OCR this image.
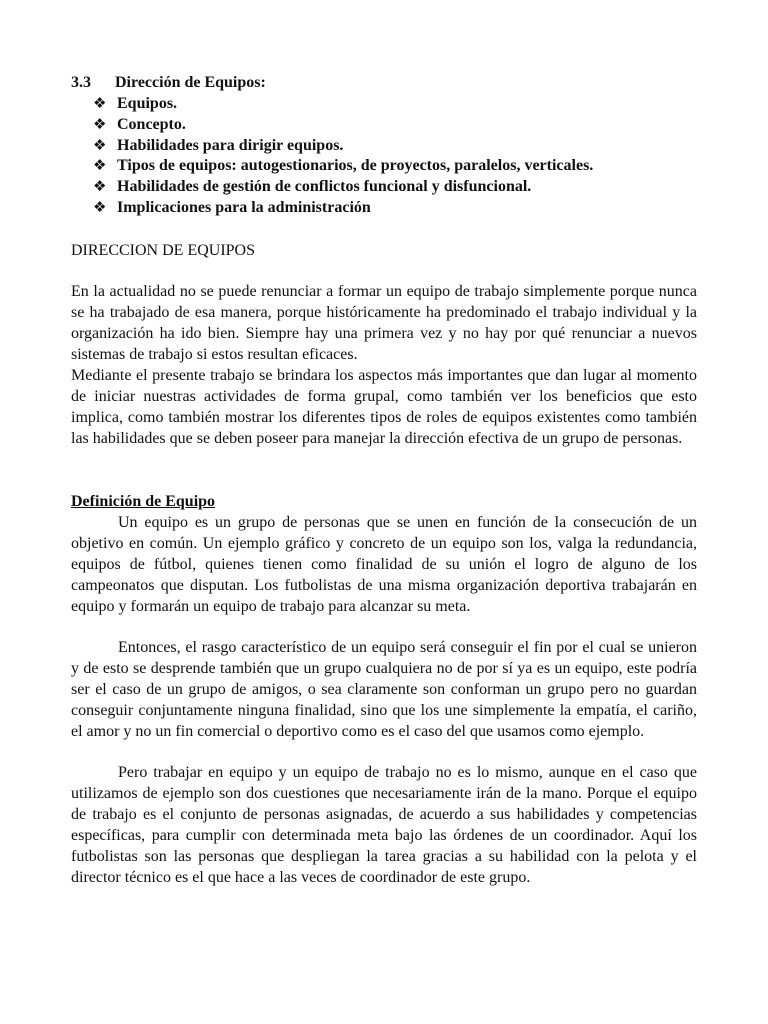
3.3	Dirección de Equipos:
❖ Equipos.
❖ Concepto.
❖ Habilidades para dirigir equipos.
❖ Tipos de equipos: autogestionarios, de proyectos, paralelos, verticales.
❖ Habilidades de gestión de conflictos funcional y disfuncional.
❖ Implicaciones para la administración
DIRECCION DE EQUIPOS

En la actualidad no se puede renunciar a formar un equipo de trabajo simplemente porque nunca se ha trabajado de esa manera, porque históricamente ha predominado el trabajo individual y la organización ha ido bien. Siempre hay una primera vez y no hay por qué renunciar a nuevos sistemas de trabajo si estos resultan eficaces.

Mediante el presente trabajo se brindara los aspectos más importantes que dan lugar al momento de iniciar nuestras actividades de forma grupal, como también ver los beneficios que esto implica, como también mostrar los diferentes tipos de roles de equipos existentes como también las habilidades que se deben poseer para manejar la dirección efectiva de un grupo de personas.

Definición de Equipo

Un equipo es un grupo de personas que se unen en función de la consecución de un objetivo en común. Un ejemplo gráfico y concreto de un equipo son los, valga la redundancia, equipos de fútbol, quienes tienen como finalidad de su unión el logro de alguno de los campeonatos que disputan. Los futbolistas de una misma organización deportiva trabajarán en equipo y formarán un equipo de trabajo para alcanzar su meta.

Entonces, el rasgo característico de un equipo será conseguir el fin por el cual se unieron y de esto se desprende también que un grupo cualquiera no de por sí ya es un equipo, este podría ser el caso de un grupo de amigos, o sea claramente son conforman un grupo pero no guardan conseguir conjuntamente ninguna finalidad, sino que los une simplemente la empatía, el cariño, el amor y no un fin comercial o deportivo como es el caso del que usamos como ejemplo.

Pero trabajar en equipo y un equipo de trabajo no es lo mismo, aunque en el caso que utilizamos de ejemplo son dos cuestiones que necesariamente irán de la mano. Porque el equipo de trabajo es el conjunto de personas asignadas, de acuerdo a sus habilidades y competencias específicas, para cumplir con determinada meta bajo las órdenes de un coordinador. Aquí los futbolistas son las personas que despliegan la tarea gracias a su habilidad con la pelota y el director técnico es el que hace a las veces de coordinador de este grupo.
